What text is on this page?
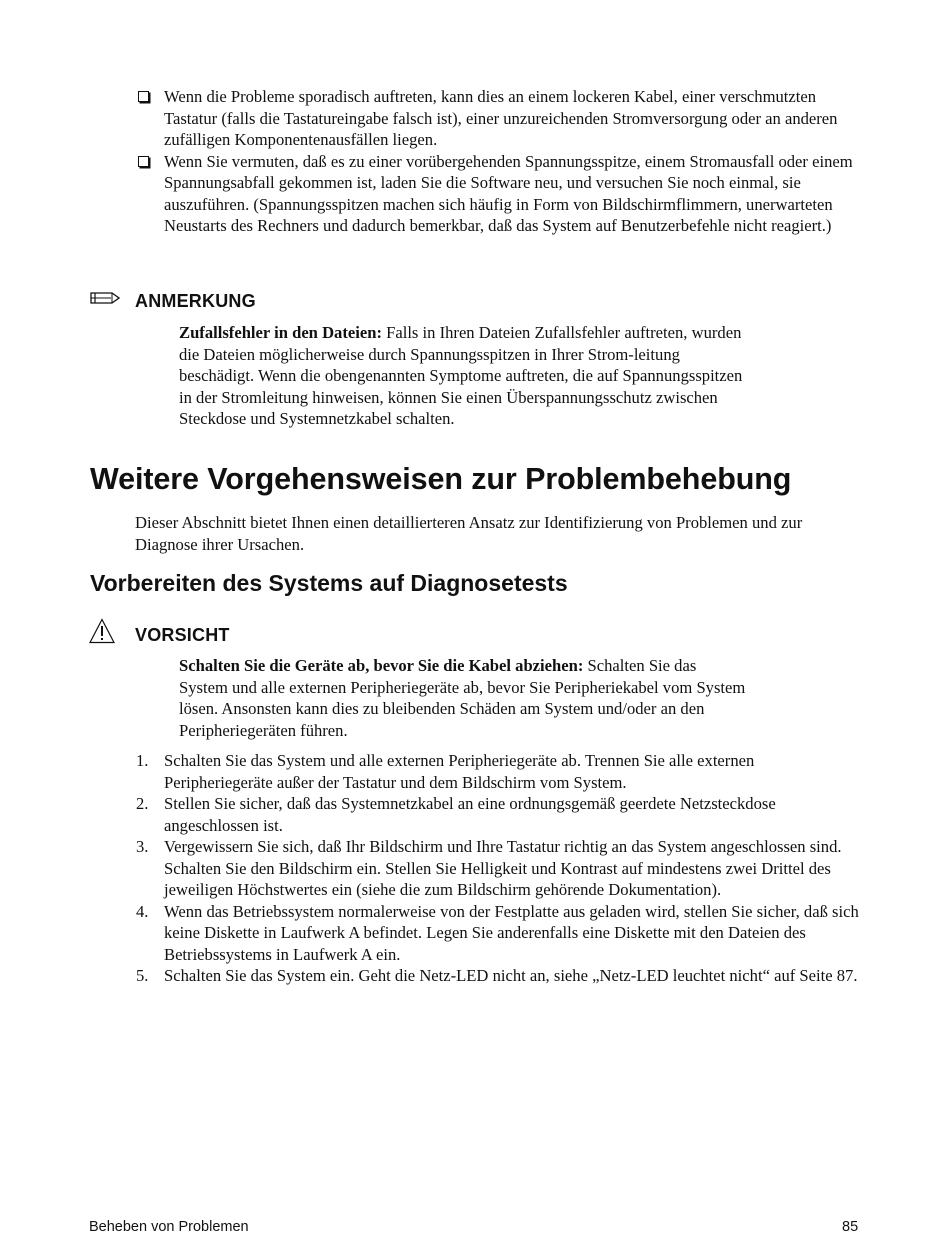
Wenn die Probleme sporadisch auftreten, kann dies an einem lockeren Kabel, einer verschmutzten Tastatur (falls die Tastatureingabe falsch ist), einer unzureichenden Stromversorgung oder an anderen zufälligen Komponentenausfällen liegen.
Wenn Sie vermuten, daß es zu einer vorübergehenden Spannungsspitze, einem Stromausfall oder einem Spannungsabfall gekommen ist, laden Sie die Software neu, und versuchen Sie noch einmal, sie auszuführen. (Spannungsspitzen machen sich häufig in Form von Bildschirmflimmern, unerwarteten Neustarts des Rechners und dadurch bemerkbar, daß das System auf Benutzerbefehle nicht reagiert.)
ANMERKUNG

Zufallsfehler in den Dateien: Falls in Ihren Dateien Zufallsfehler auftreten, wurden die Dateien möglicherweise durch Spannungsspitzen in Ihrer Strom-leitung beschädigt. Wenn die obengenannten Symptome auftreten, die auf Spannungsspitzen in der Stromleitung hinweisen, können Sie einen Überspannungsschutz zwischen Steckdose und Systemnetzkabel schalten.

Weitere Vorgehensweisen zur Problembehebung

Dieser Abschnitt bietet Ihnen einen detaillierteren Ansatz zur Identifizierung von Problemen und zur Diagnose ihrer Ursachen.

Vorbereiten des Systems auf Diagnosetests
VORSICHT

Schalten Sie die Geräte ab, bevor Sie die Kabel abziehen: Schalten Sie das System und alle externen Peripheriegeräte ab, bevor Sie Peripheriekabel vom System lösen. Ansonsten kann dies zu bleibenden Schäden am System und/oder an den Peripheriegeräten führen.

1. Schalten Sie das System und alle externen Peripheriegeräte ab. Trennen Sie alle externen Peripheriegeräte außer der Tastatur und dem Bildschirm vom System.
2. Stellen Sie sicher, daß das Systemnetzkabel an eine ordnungsgemäß geerdete Netzsteckdose angeschlossen ist.
3. Vergewissern Sie sich, daß Ihr Bildschirm und Ihre Tastatur richtig an das System angeschlossen sind. Schalten Sie den Bildschirm ein. Stellen Sie Helligkeit und Kontrast auf mindestens zwei Drittel des jeweiligen Höchstwertes ein (siehe die zum Bildschirm gehörende Dokumentation).
4. Wenn das Betriebssystem normalerweise von der Festplatte aus geladen wird, stellen Sie sicher, daß sich keine Diskette in Laufwerk A befindet. Legen Sie anderenfalls eine Diskette mit den Dateien des Betriebssystems in Laufwerk A ein.
5. Schalten Sie das System ein. Geht die Netz-LED nicht an, siehe „Netz-LED leuchtet nicht“ auf Seite 87.
Beheben von Problemen	85
